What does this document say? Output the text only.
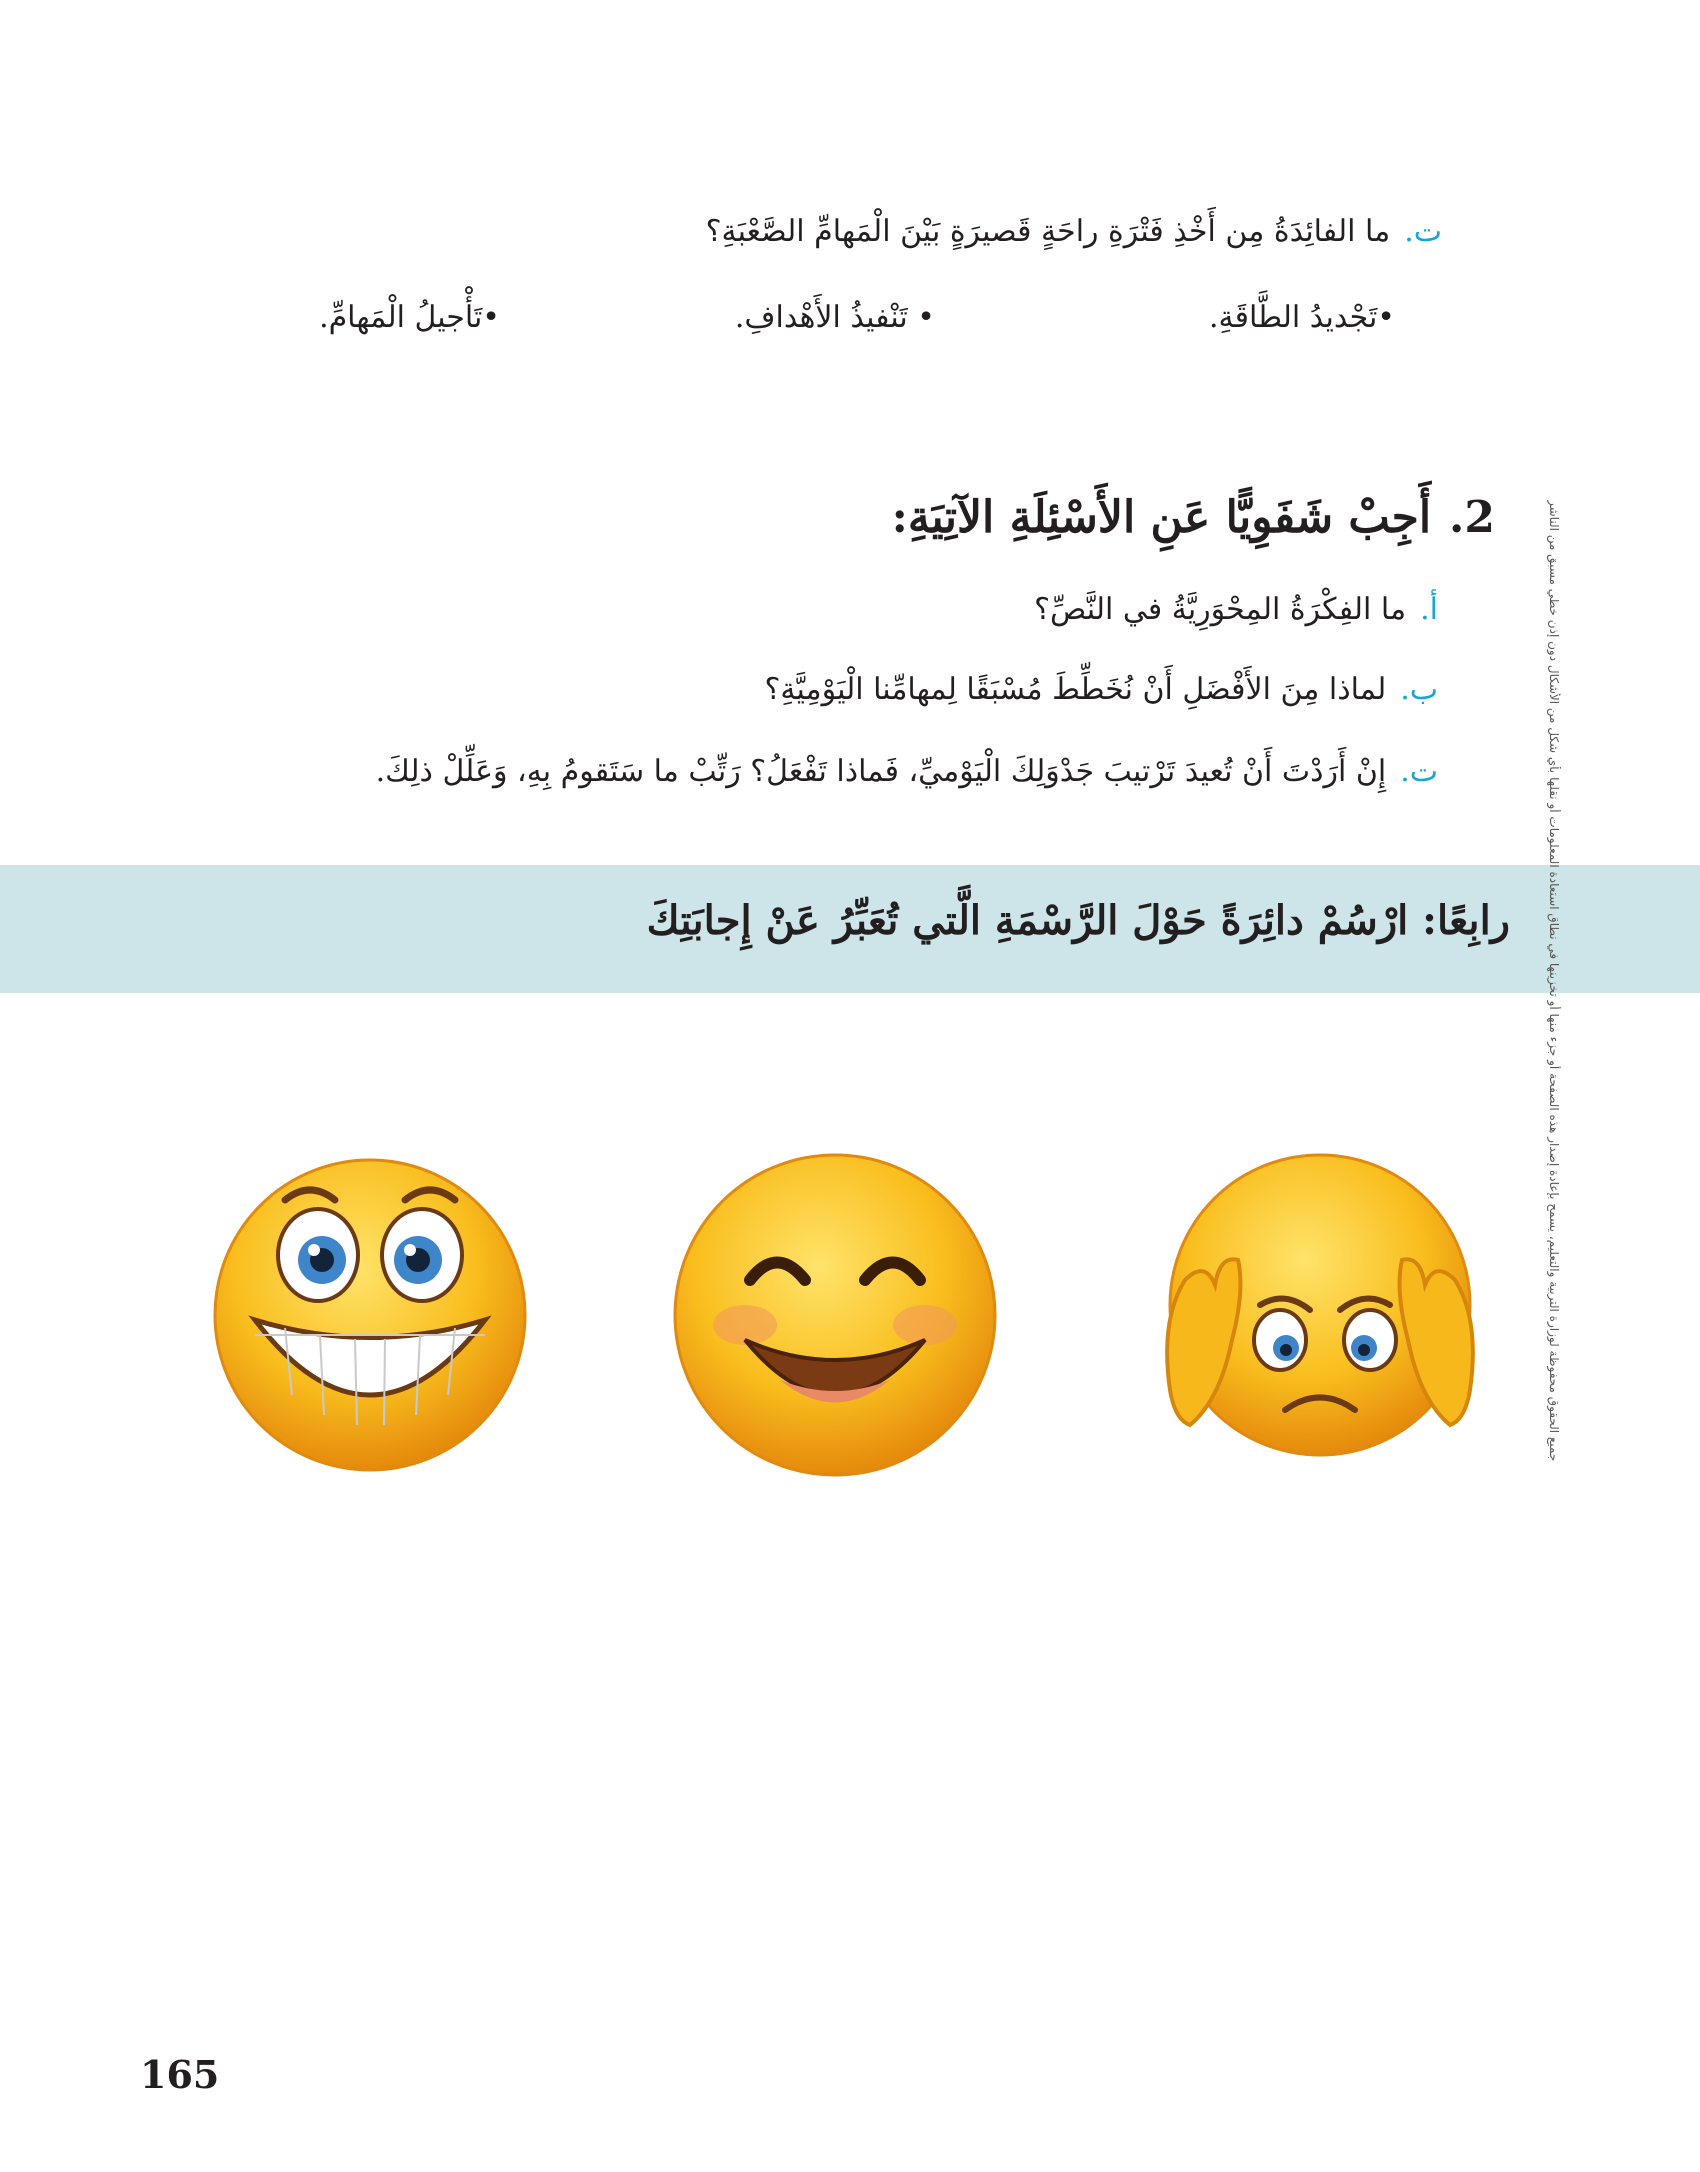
ت.ما الفائِدَةُ مِن أَخْذِ فَتْرَةِ راحَةٍ قَصيرَةٍ بَيْنَ الْمَهامِّ الصَّعْبَةِ؟
•تَجْديدُ الطَّاقَةِ.
• تَنْفيذُ الأَهْدافِ.
•تَأْجيلُ الْمَهامِّ.
2.أَجِبْ شَفَوِيًّا عَنِ الأَسْئِلَةِ الآتِيَةِ:
أ.ما الفِكْرَةُ المِحْوَرِيَّةُ في النَّصِّ؟
ب.لماذا مِنَ الأَفْضَلِ أَنْ نُخَطِّطَ مُسْبَقًا لِمهامِّنا الْيَوْمِيَّةِ؟
ت.إِنْ أَرَدْتَ أَنْ تُعيدَ تَرْتيبَ جَدْوَلِكَ الْيَوْميِّ، فَماذا تَفْعَلُ؟ رَتِّبْ ما سَتَقومُ بِهِ، وَعَلِّلْ ذلِكَ.
رابِعًا: ارْسُمْ دائِرَةً حَوْلَ الرَّسْمَةِ الَّتي تُعَبِّرُ عَنْ إِجابَتِكَ	جميع الحقوق محفوظة لوزارة التربية والتعليم، يسمح بإعادة إصدار هذه الصفحة أو جزء منها أو تخزينها في نطاق استعادة المعلومات أو نقلها بأي شكل من الأشكال دون إذن خطي مسبق من الناشر
165
